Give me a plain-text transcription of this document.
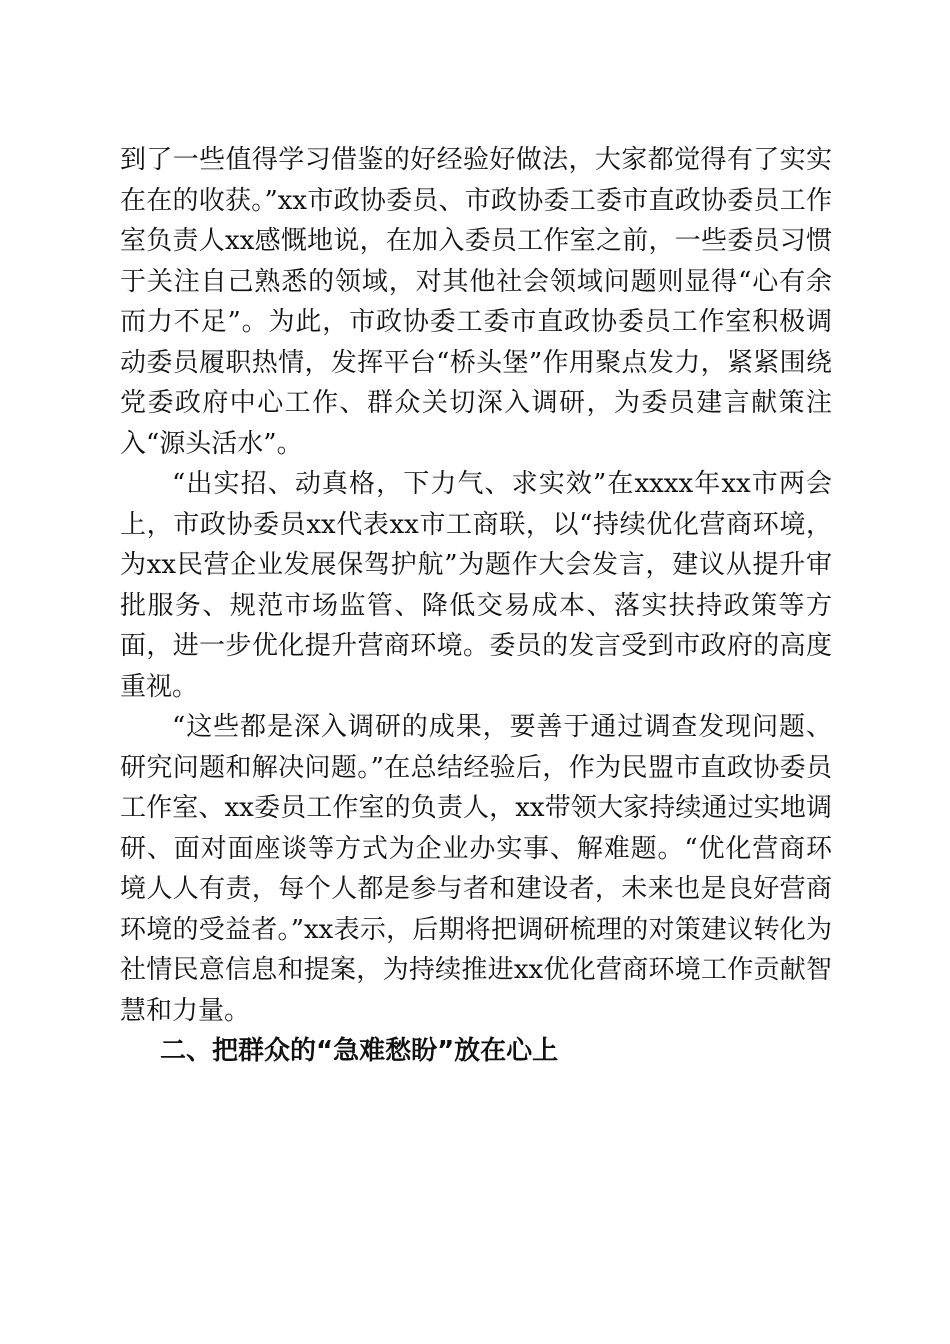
到了一些值得学习借鉴的好经验好做法，大家都觉得有了实实在在的收获。”xx市政协委员、市政协委工委市直政协委员工作室负责人xx感慨地说，在加入委员工作室之前，一些委员习惯于关注自己熟悉的领域，对其他社会领域问题则显得“心有余而力不足”。为此，市政协委工委市直政协委员工作室积极调动委员履职热情，发挥平台“桥头堡”作用聚点发力，紧紧围绕党委政府中心工作、群众关切深入调研，为委员建言献策注入“源头活水”。

“出实招、动真格，下力气、求实效”在xxxx年xx市两会上，市政协委员xx代表xx市工商联，以“持续优化营商环境，为xx民营企业发展保驾护航”为题作大会发言，建议从提升审批服务、规范市场监管、降低交易成本、落实扶持政策等方面，进一步优化提升营商环境。委员的发言受到市政府的高度重视。

“这些都是深入调研的成果，要善于通过调查发现问题、研究问题和解决问题。”在总结经验后，作为民盟市直政协委员工作室、xx委员工作室的负责人，xx带领大家持续通过实地调研、面对面座谈等方式为企业办实事、解难题。“优化营商环境人人有责，每个人都是参与者和建设者，未来也是良好营商环境的受益者。”xx表示，后期将把调研梳理的对策建议转化为社情民意信息和提案，为持续推进xx优化营商环境工作贡献智慧和力量。

二、把群众的“急难愁盼”放在心上
